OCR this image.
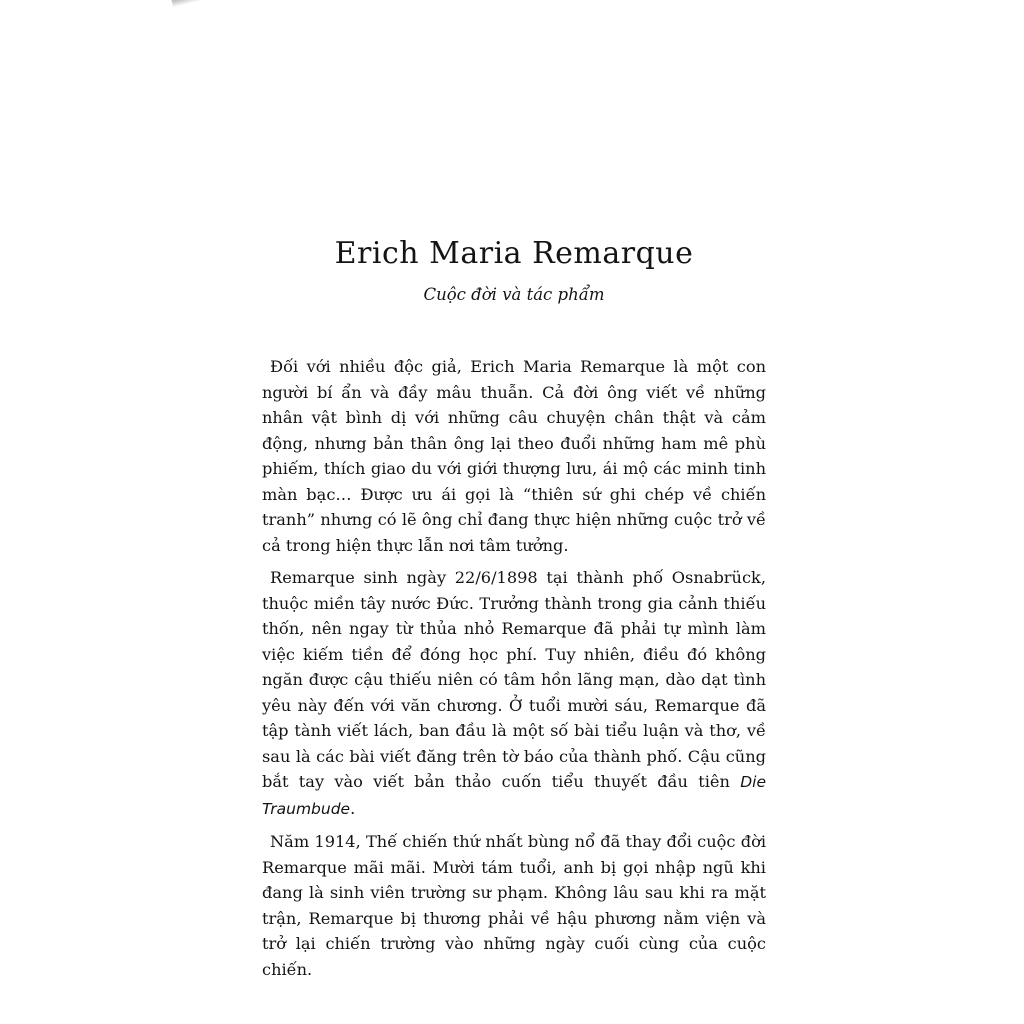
Erich Maria Remarque
Cuộc đời và tác phẩm

Đối với nhiều độc giả, Erich Maria Remarque là một con người bí ẩn và đầy mâu thuẫn. Cả đời ông viết về những nhân vật bình dị với những câu chuyện chân thật và cảm động, nhưng bản thân ông lại theo đuổi những ham mê phù phiếm, thích giao du với giới thượng lưu, ái mộ các minh tinh màn bạc… Được ưu ái gọi là “thiên sứ ghi chép về chiến tranh” nhưng có lẽ ông chỉ đang thực hiện những cuộc trở về cả trong hiện thực lẫn nơi tâm tưởng.

Remarque sinh ngày 22/6/1898 tại thành phố Osnabrück, thuộc miền tây nước Đức. Trưởng thành trong gia cảnh thiếu thốn, nên ngay từ thủa nhỏ Remarque đã phải tự mình làm việc kiếm tiền để đóng học phí. Tuy nhiên, điều đó không ngăn được cậu thiếu niên có tâm hồn lãng mạn, dào dạt tình yêu này đến với văn chương. Ở tuổi mười sáu, Remarque đã tập tành viết lách, ban đầu là một số bài tiểu luận và thơ, về sau là các bài viết đăng trên tờ báo của thành phố. Cậu cũng bắt tay vào viết bản thảo cuốn tiểu thuyết đầu tiên Die Traumbude.

Năm 1914, Thế chiến thứ nhất bùng nổ đã thay đổi cuộc đời Remarque mãi mãi. Mười tám tuổi, anh bị gọi nhập ngũ khi đang là sinh viên trường sư phạm. Không lâu sau khi ra mặt trận, Remarque bị thương phải về hậu phương nằm viện và trở lại chiến trường vào những ngày cuối cùng của cuộc chiến.
